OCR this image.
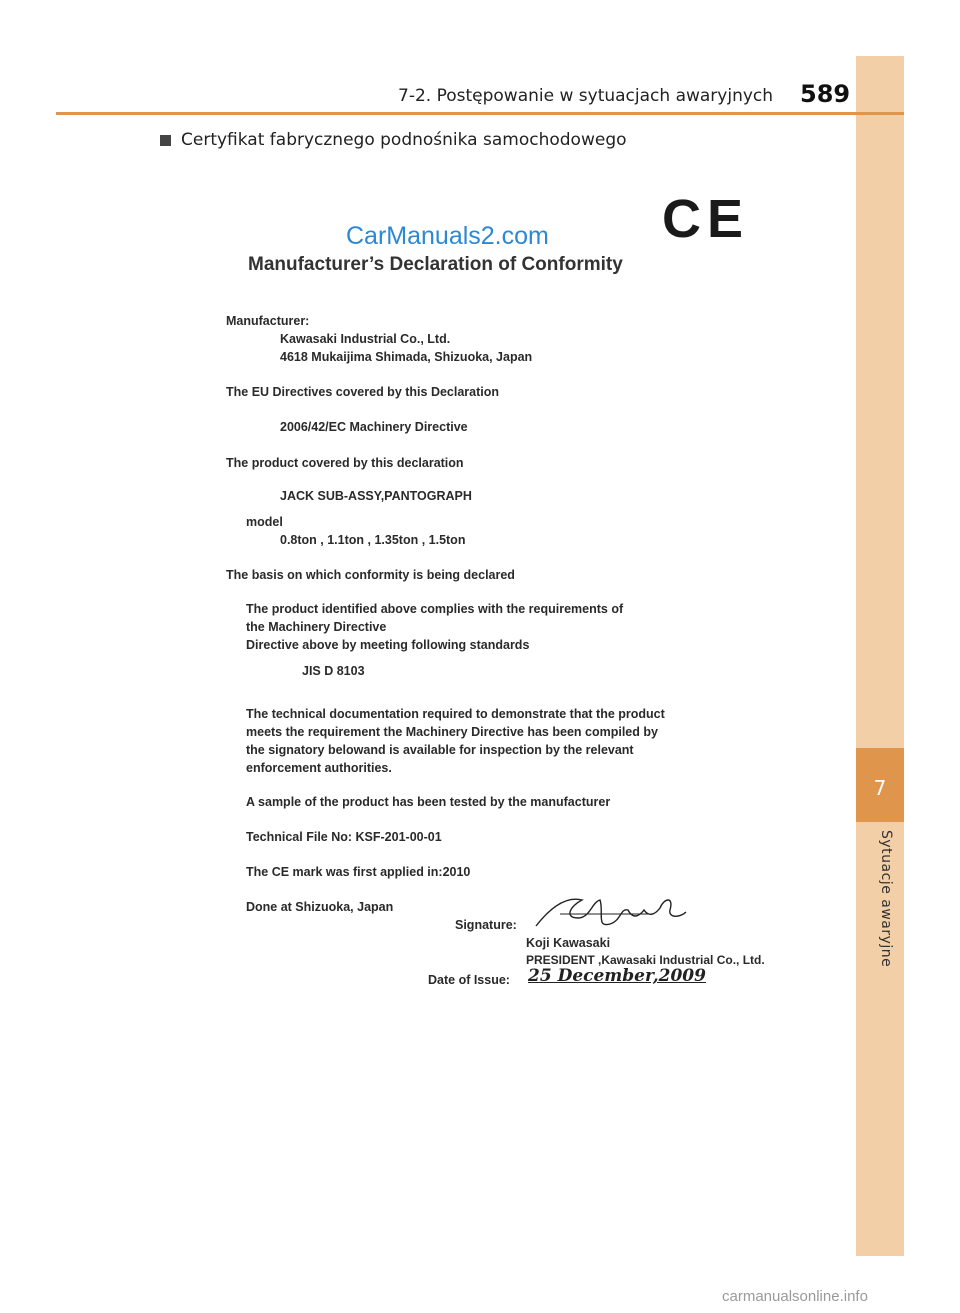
7
Sytuacje awaryjne
7-2. Postępowanie w sytuacjach awaryjnych 589
Certyfikat fabrycznego podnośnika samochodowego
CE
CarManuals2.com
Manufacturer’s Declaration of Conformity
Manufacturer:
Kawasaki Industrial Co., Ltd.
4618 Mukaijima Shimada, Shizuoka, Japan
The EU Directives covered by this Declaration
2006/42/EC Machinery Directive
The product covered by this declaration
JACK SUB-ASSY,PANTOGRAPH
model
0.8ton , 1.1ton , 1.35ton , 1.5ton
The basis on which conformity is being declared
The product identified above complies with the requirements of
the Machinery Directive
Directive above by meeting following standards
JIS D 8103
The technical documentation required to demonstrate that the product
meets the requirement the Machinery Directive has been compiled by
the signatory belowand is available for inspection by the relevant
enforcement authorities.
A sample of the product has been tested by the manufacturer
Technical File No: KSF-201-00-01
The CE mark was first applied in:2010
Done at Shizuoka, Japan
Signature:
Koji Kawasaki
PRESIDENT ,Kawasaki Industrial Co., Ltd.
Date of Issue: 25 December,2009
carmanualsonline.info
